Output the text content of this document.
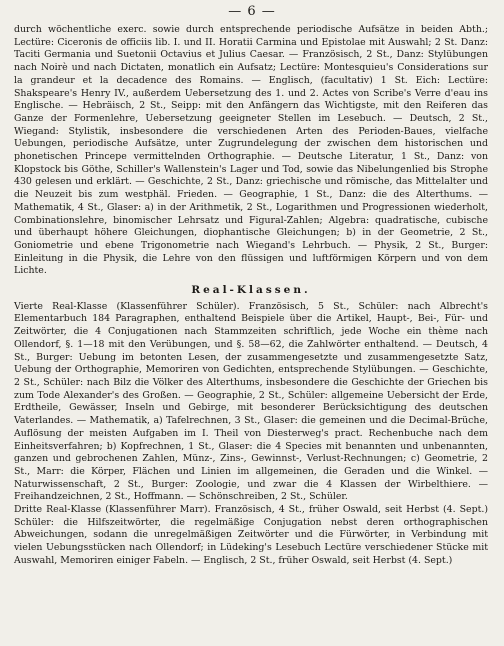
— 6 —

durch wöchentliche exerc. sowie durch entsprechende periodische Aufsätze in beiden Abth.; Lectüre: Ciceronis de officiis lib. I. und II. Horatii Carmina und Epistolae mit Auswahl; 2 St. Danz: Taciti Germania und Suetonii Octavius et Julius Caesar. — Französisch, 2 St., Danz: Stylübungen nach Noirè und nach Dictaten, monatlich ein Aufsatz; Lectüre: Montesquieu's Considerations sur la grandeur et la decadence des Romains. — Englisch, (facultativ) 1 St. Eich: Lectüre: Shakspeare's Henry IV., außerdem Uebersetzung des 1. und 2. Actes von Scribe's Verre d'eau ins Englische. — Hebräisch, 2 St., Seipp: mit den Anfängern das Wichtigste, mit den Reiferen das Ganze der Formenlehre, Uebersetzung geeigneter Stellen im Lesebuch. — Deutsch, 2 St., Wiegand: Stylistik, insbesondere die verschiedenen Arten des Perioden-Baues, vielfache Uebungen, periodische Aufsätze, unter Zugrundelegung der zwischen dem historischen und phonetischen Princepe vermittelnden Orthographie. — Deutsche Literatur, 1 St., Danz: von Klopstock bis Göthe, Schiller's Wallenstein's Lager und Tod, sowie das Nibelungenlied bis Strophe 430 gelesen und erklärt. — Geschichte, 2 St., Danz: griechische und römische, das Mittelalter und die Neuzeit bis zum westphäl. Frieden. — Geographie, 1 St., Danz: die des Alterthums. — Mathematik, 4 St., Glaser: a) in der Arithmetik, 2 St., Logarithmen und Progressionen wiederholt, Combinationslehre, binomischer Lehrsatz und Figural-Zahlen; Algebra: quadratische, cubische und überhaupt höhere Gleichungen, diophantische Gleichungen; b) in der Geometrie, 2 St., Goniometrie und ebene Trigonometrie nach Wiegand's Lehrbuch. — Physik, 2 St., Burger: Einleitung in die Physik, die Lehre von den flüssigen und luftförmigen Körpern und von dem Lichte.

Real-Klassen.

Vierte Real-Klasse (Klassenführer Schüler). Französisch, 5 St., Schüler: nach Albrecht's Elementarbuch 184 Paragraphen, enthaltend Beispiele über die Artikel, Haupt-, Bei-, Für- und Zeitwörter, die 4 Conjugationen nach Stammzeiten schriftlich, jede Woche ein thème nach Ollendorf, §. 1—18 mit den Verübungen, und §. 58—62, die Zahlwörter enthaltend. — Deutsch, 4 St., Burger: Uebung im betonten Lesen, der zusammengesetzte und zusammengesetzte Satz, Uebung der Orthographie, Memoriren von Gedichten, entsprechende Stylübungen. — Geschichte, 2 St., Schüler: nach Bilz die Völker des Alterthums, insbesondere die Geschichte der Griechen bis zum Tode Alexander's des Großen. — Geographie, 2 St., Schüler: allgemeine Uebersicht der Erde, Erdtheile, Gewässer, Inseln und Gebirge, mit besonderer Berücksichtigung des deutschen Vaterlandes. — Mathematik, a) Tafelrechnen, 3 St., Glaser: die gemeinen und die Decimal-Brüche, Auflösung der meisten Aufgaben im I. Theil von Diesterweg's pract. Rechenbuche nach dem Einheitsverfahren; b) Kopfrechnen, 1 St., Glaser: die 4 Species mit benannten und unbenannten, ganzen und gebrochenen Zahlen, Münz-, Zins-, Gewinnst-, Verlust-Rechnungen; c) Geometrie, 2 St., Marr: die Körper, Flächen und Linien im allgemeinen, die Geraden und die Winkel. — Naturwissenschaft, 2 St., Burger: Zoologie, und zwar die 4 Klassen der Wirbelthiere. — Freihandzeichnen, 2 St., Hoffmann. — Schönschreiben, 2 St., Schüler.

Dritte Real-Klasse (Klassenführer Marr). Französisch, 4 St., früher Oswald, seit Herbst (4. Sept.) Schüler: die Hilfszeitwörter, die regelmäßige Conjugation nebst deren orthographischen Abweichungen, sodann die unregelmäßigen Zeitwörter und die Fürwörter, in Verbindung mit vielen Uebungsstücken nach Ollendorf; in Lüdeking's Lesebuch Lectüre verschiedener Stücke mit Auswahl, Memoriren einiger Fabeln. — Englisch, 2 St., früher Oswald, seit Herbst (4. Sept.)
